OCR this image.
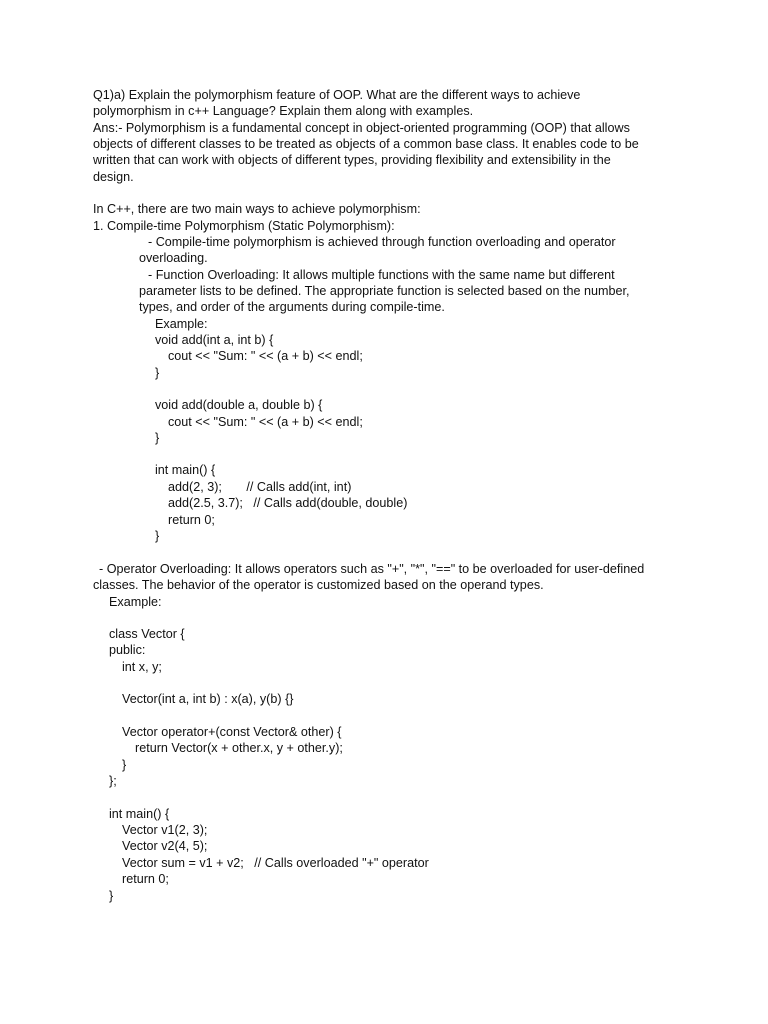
Q1)a) Explain the polymorphism feature of OOP. What are the different ways to achieve
polymorphism in c++ Language? Explain them along with examples.
Ans:- Polymorphism is a fundamental concept in object-oriented programming (OOP) that allows
objects of different classes to be treated as objects of a common base class. It enables code to be
written that can work with objects of different types, providing flexibility and extensibility in the
design.
In C++, there are two main ways to achieve polymorphism:
1. Compile-time Polymorphism (Static Polymorphism):
- Compile-time polymorphism is achieved through function overloading and operator
overloading.
- Function Overloading: It allows multiple functions with the same name but different
parameter lists to be defined. The appropriate function is selected based on the number,
types, and order of the arguments during compile-time.
Example:
void add(int a, int b) {
cout << "Sum: " << (a + b) << endl;
}
void add(double a, double b) {
cout << "Sum: " << (a + b) << endl;
}
int main() {
add(2, 3);       // Calls add(int, int)
add(2.5, 3.7);   // Calls add(double, double)
return 0;
}
- Operator Overloading: It allows operators such as "+", "*", "==" to be overloaded for user-defined
classes. The behavior of the operator is customized based on the operand types.
Example:
class Vector {
public:
int x, y;
Vector(int a, int b) : x(a), y(b) {}
Vector operator+(const Vector& other) {
return Vector(x + other.x, y + other.y);
}
};
int main() {
Vector v1(2, 3);
Vector v2(4, 5);
Vector sum = v1 + v2;   // Calls overloaded "+" operator
return 0;
}
